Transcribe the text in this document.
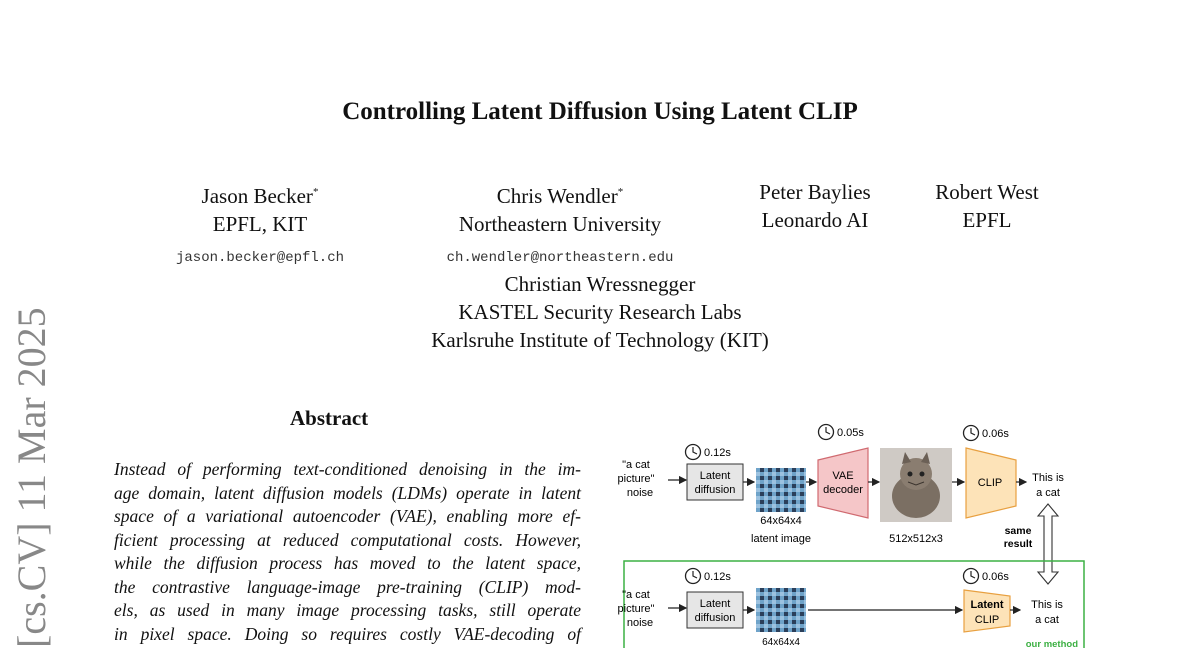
Controlling Latent Diffusion Using Latent CLIP
Jason Becker*
EPFL, KIT
jason.becker@epfl.ch
Chris Wendler*
Northeastern University
ch.wendler@northeastern.edu
Peter Baylies
Leonardo AI
Robert West
EPFL
Christian Wressnegger
KASTEL Security Research Labs
Karlsruhe Institute of Technology (KIT)
[cs.CV] 11 Mar 2025	Abstract
Instead of performing text-conditioned denoising in the im-
age domain, latent diffusion models (LDMs) operate in latent
space of a variational autoencoder (VAE), enabling more ef-
ficient processing at reduced computational costs. However,
while the diffusion process has moved to the latent space,
the contrastive language-image pre-training (CLIP) mod-
els, as used in many image processing tasks, still operate
in pixel space. Doing so requires costly VAE-decoding of
"a cat
picture"
noise
0.12s
Latent
diffusion
64x64x4
latent image
0.05s
VAE
decoder
512x512x3
0.06s
CLIP	This is
a cat
same
result
"a cat
picture"
noise
0.12s
Latent
diffusion
64x64x4
0.06s
Latent
CLIP
This is
a cat
our method
